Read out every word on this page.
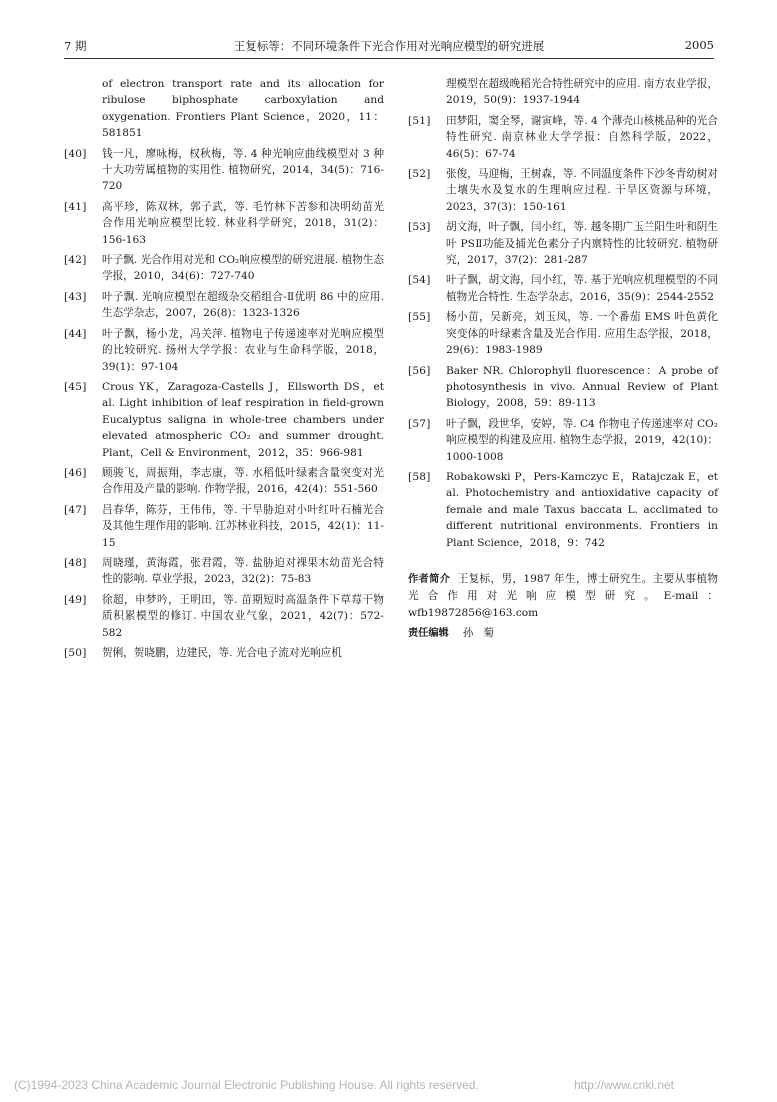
7 期	王复标等：不同环境条件下光合作用对光响应模型的研究进展	2005
of electron transport rate and its allocation for ribulose biphosphate carboxylation and oxygenation. Frontiers Plant Science，2020，11：581851
[40]	钱一凡，廖咏梅，权秋梅，等. 4 种光响应曲线模型对 3 种十大功劳属植物的实用性. 植物研究，2014，34(5)：716-720
[41]	高平珍，陈双林，郭子武，等. 毛竹林下苦参和决明幼苗光合作用光响应模型比较. 林业科学研究，2018，31(2)：156-163
[42]	叶子飘. 光合作用对光和 CO₂响应模型的研究进展. 植物生态学报，2010，34(6)：727-740
[43]	叶子飘. 光响应模型在超级杂交稻组合-Ⅱ优明 86 中的应用. 生态学杂志，2007，26(8)：1323-1326
[44]	叶子飘，杨小龙，冯关萍. 植物电子传递速率对光响应模型的比较研究. 扬州大学学报：农业与生命科学版，2018，39(1)：97-104
[45]	Crous YK，Zaragoza-Castells J，Ellsworth DS，et al. Light inhibition of leaf respiration in field-grown Eucalyptus saligna in whole-tree chambers under elevated atmospheric CO₂ and summer drought. Plant，Cell & Environment，2012，35：966-981
[46]	顾骏飞，周振翔，李志康，等. 水稻低叶绿素含量突变对光合作用及产量的影响. 作物学报，2016，42(4)：551-560
[47]	吕春华，陈芬，王伟伟，等. 干旱胁迫对小叶红叶石楠光合及其他生理作用的影响. 江苏林业科技，2015，42(1)：11-15
[48]	周晓瑾，黄海霞，张君霞，等. 盐胁迫对裸果木幼苗光合特性的影响. 草业学报，2023，32(2)：75-83
[49]	徐超，申梦吟，王明田，等. 苗期短时高温条件下草莓干物质积累模型的修订. 中国农业气象，2021，42(7)：572-582
[50]	贺俐，贺晓鹏，边建民，等. 光合电子流对光响应机
理模型在超级晚稻光合特性研究中的应用. 南方农业学报，2019，50(9)：1937-1944
[51]	田梦阳，窦全琴，谢寅峰，等. 4 个薄壳山核桃品种的光合特性研究. 南京林业大学学报：自然科学版，2022，46(5)：67-74
[52]	张俊，马迎梅，王树森，等. 不同温度条件下沙冬青幼树对土壤失水及复水的生理响应过程. 干旱区资源与环境，2023，37(3)：150-161
[53]	胡文海，叶子飘，闫小红，等. 越冬期广玉兰阳生叶和阴生叶 PSⅡ功能及捕光色素分子内禀特性的比较研究. 植物研究，2017，37(2)：281-287
[54]	叶子飘，胡文海，闫小红，等. 基于光响应机理模型的不同植物光合特性. 生态学杂志，2016，35(9)：2544-2552
[55]	杨小苗，吴新亮，刘玉凤，等. 一个番茄 EMS 叶色黄化突变体的叶绿素含量及光合作用. 应用生态学报，2018，29(6)：1983-1989
[56]	Baker NR. Chlorophyll fluorescence：A probe of photosynthesis in vivo. Annual Review of Plant Biology，2008，59：89-113
[57]	叶子飘，段世华，安婷，等. C4 作物电子传递速率对 CO₂响应模型的构建及应用. 植物生态学报，2019，42(10)：1000-1008
[58]	Robakowski P，Pers-Kamczyc E，Ratajczak E，et al. Photochemistry and antioxidative capacity of female and male Taxus baccata L. acclimated to different nutritional environments. Frontiers in Plant Science，2018，9：742
作者简介 王复标，男，1987 年生，博士研究生。主要从事植物光合作用对光响应模型研究。E-mail：wfb19872856@163.com
责任编辑 孙菊
(C)1994-2023 China Academic Journal Electronic Publishing House. All rights reserved.	http://www.cnki.net
